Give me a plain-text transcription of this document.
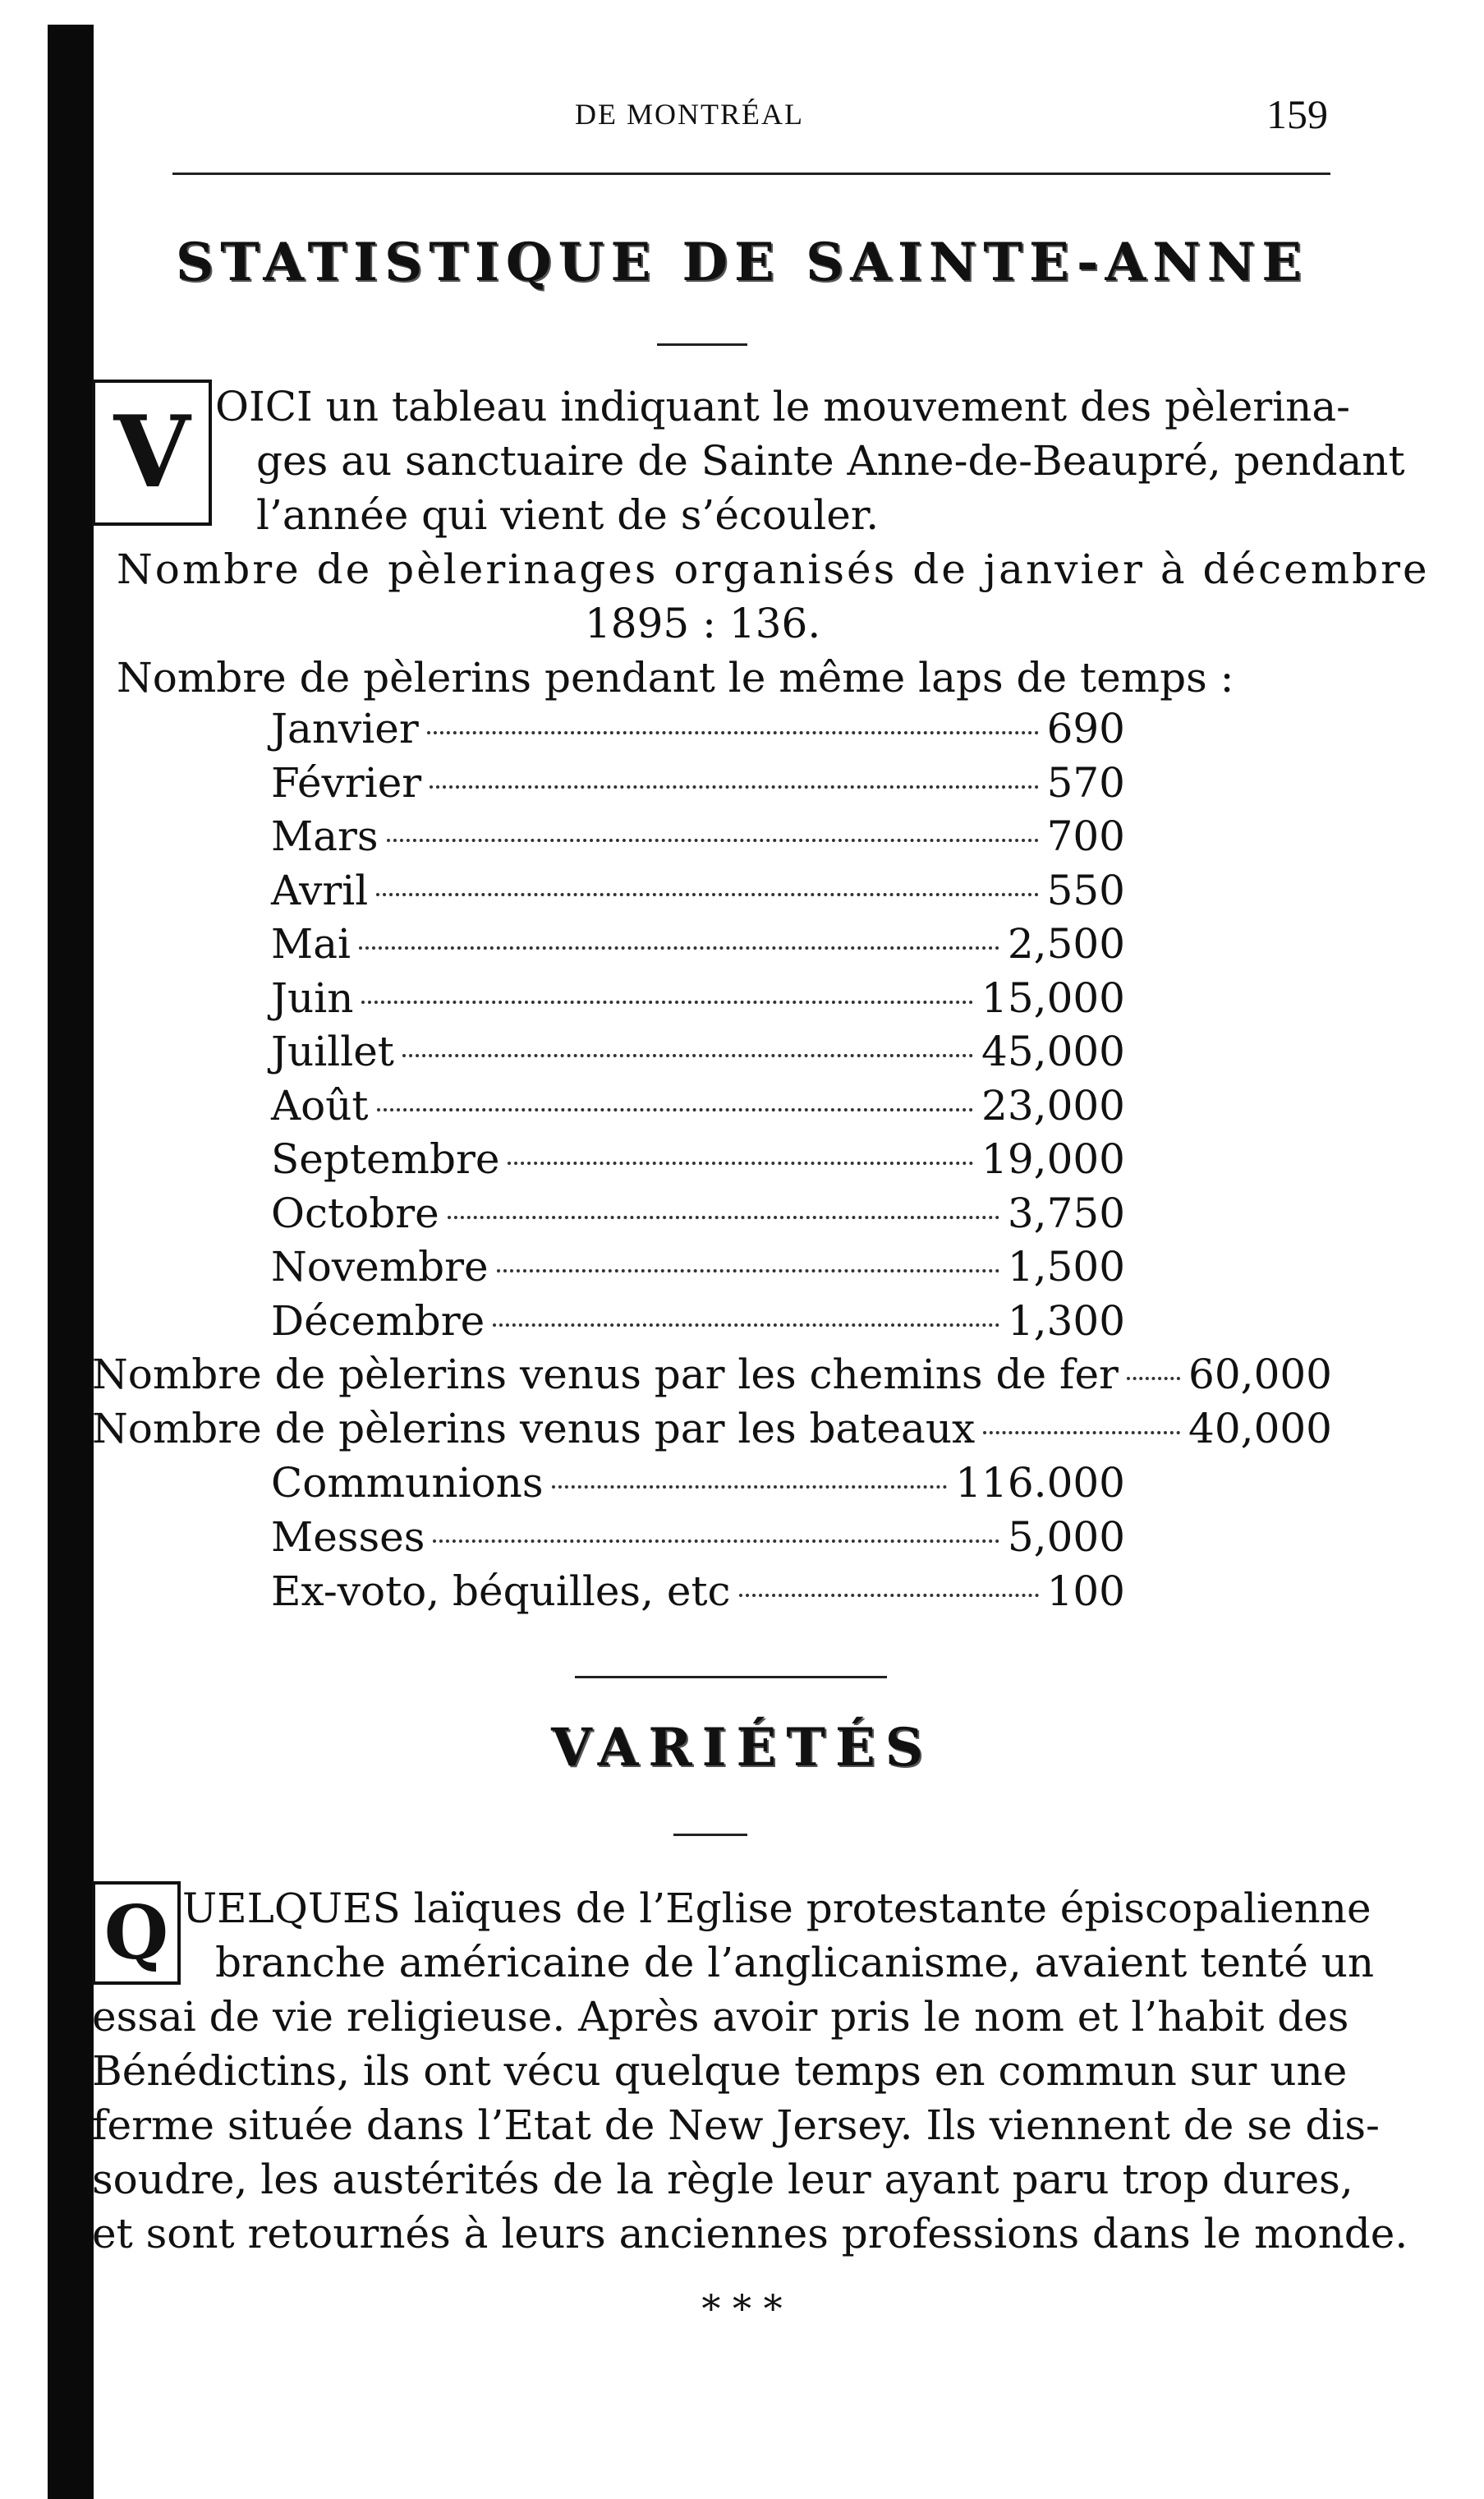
DE MONTRÉAL	159
STATISTIQUE DE SAINTE-ANNE
V OICI un tableau indiquant le mouvement des pèlerina-
ges au sanctuaire de Sainte Anne-de-Beaupré, pendant
l’année qui vient de s’écouler.
Nombre de pèlerinages organisés de janvier à décembre
1895 : 136.
Nombre de pèlerins pendant le même laps de temps :
Janvier	690
Février	570
Mars	700
Avril	550
Mai	2,500
Juin	15,000
Juillet	45,000
Août	23,000
Septembre	19,000
Octobre	3,750
Novembre	1,500
Décembre	1,300
Nombre de pèlerins venus par les chemins de fer 60,000
Nombre de pèlerins venus par les bateaux	40,000
Communions	116.000
Messes	5,000
Ex-voto, béquilles, etc	100
VARIÉTÉS
Q UELQUES laïques de l’Eglise protestante épiscopalienne
branche américaine de l’anglicanisme, avaient tenté un
essai de vie religieuse. Après avoir pris le nom et l’habit des
Bénédictins, ils ont vécu quelque temps en commun sur une
ferme située dans l’Etat de New Jersey. Ils viennent de se dis-
soudre, les austérités de la règle leur ayant paru trop dures,
et sont retournés à leurs anciennes professions dans le monde.
* * *
